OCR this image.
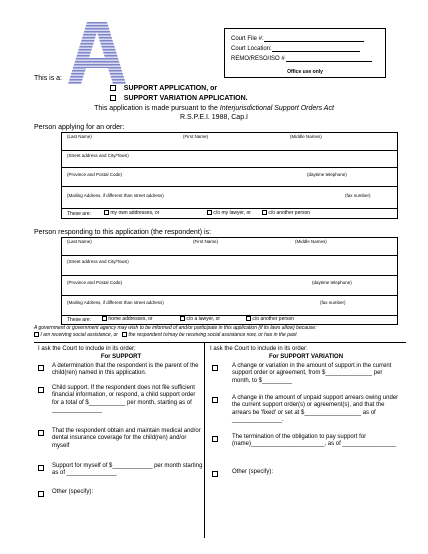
Court File #:
Court Location:
REMO/RESO/ISO #
Office use only
This is a:
SUPPORT APPLICATION, or
SUPPORT VARIATION APPLICATION.
This application is made pursuant to the Interjurisdictional Support Orders Act
R.S.P.E.I. 1988, Cap.I
Person applying for an order:
(Last Name)	(First Name)	(Middle Names)
(Street address and City/Town)
(Province and Postal Code)	(daytime telephone)
(Mailing Address, if different than street address)	(fax number)
These are:	my own addresses, or	c/o my lawyer, or	c/o another person
Person responding to this application (the respondent) is:
(Last Name)	(First Name)	(Middle Names)
(Street address and City/Town)
(Province and Postal Code)	(daytime telephone)
(Mailing Address, if different than street address)	(fax number)
These are:	home addresses, or	c/o a lawyer, or	c/o another person
A government or government agency may wish to be informed of and/or participate in this application (if its laws allow) because:
I am receiving social assistance, or the respondent is/may be receiving social assistance now, or has in the past
I ask the Court to include in its order:
For SUPPORT
A determination that the respondent is the parent of the child(ren) named in this application.
Child support. If the respondent does not file sufficient financial information, or respond, a child support order for a total of $___________ per month, starting as of _______________
That the respondent obtain and maintain medical and/or dental insurance coverage for the child(ren) and/or myself
Support for myself of $____________ per month starting as of _______________
Other (specify):
I ask the Court to include in its order:
For SUPPORT VARIATION
A change or variation in the amount of support in the current support order or agreement, from $______________ per month, to $_________
A change in the amount of unpaid support arrears owing under the current support order(s) or agreement(s), and that the arrears be 'fixed' or set at $_________________ as of _______________.
The termination of the obligation to pay support for (name)______________________, as of ________________
Other (specify):
